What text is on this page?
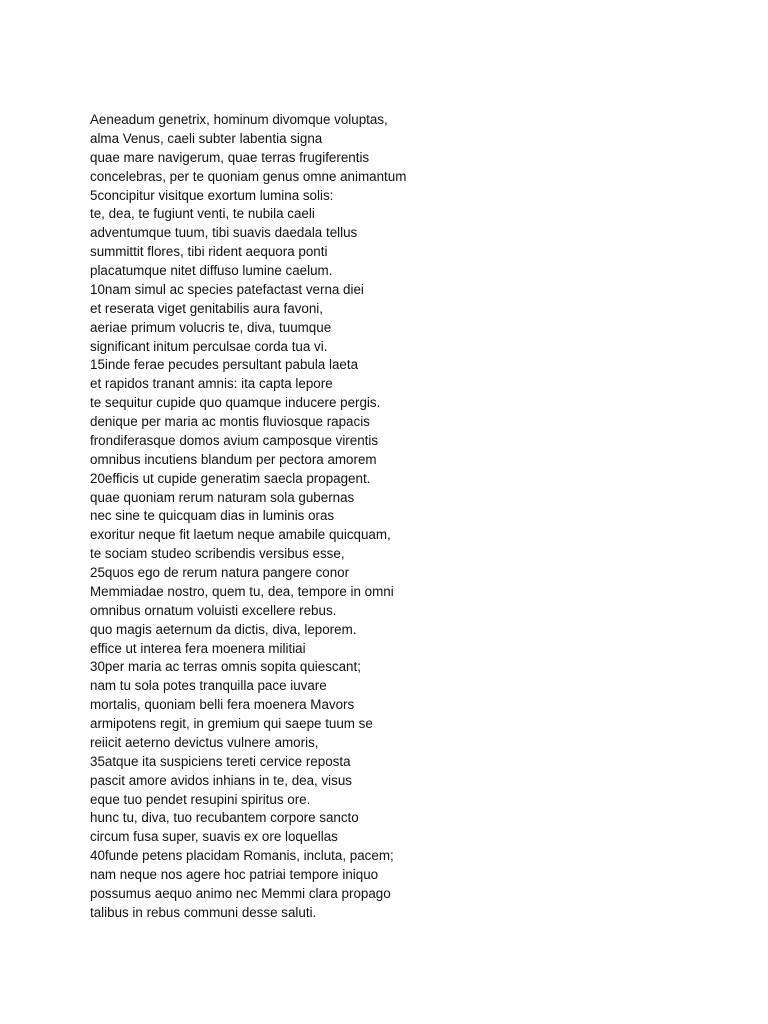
Aeneadum genetrix, hominum divomque voluptas,
alma Venus, caeli subter labentia signa
quae mare navigerum, quae terras frugiferentis
concelebras, per te quoniam genus omne animantum
5concipitur visitque exortum lumina solis:
te, dea, te fugiunt venti, te nubila caeli
adventumque tuum, tibi suavis daedala tellus
summittit flores, tibi rident aequora ponti
placatumque nitet diffuso lumine caelum.
10nam simul ac species patefactast verna diei
et reserata viget genitabilis aura favoni,
aeriae primum volucris te, diva, tuumque
significant initum perculsae corda tua vi.
15inde ferae pecudes persultant pabula laeta
et rapidos tranant amnis: ita capta lepore
te sequitur cupide quo quamque inducere pergis.
denique per maria ac montis fluviosque rapacis
frondiferasque domos avium camposque virentis
omnibus incutiens blandum per pectora amorem
20efficis ut cupide generatim saecla propagent.
quae quoniam rerum naturam sola gubernas
nec sine te quicquam dias in luminis oras
exoritur neque fit laetum neque amabile quicquam,
te sociam studeo scribendis versibus esse,
25quos ego de rerum natura pangere conor
Memmiadae nostro, quem tu, dea, tempore in omni
omnibus ornatum voluisti excellere rebus.
quo magis aeternum da dictis, diva, leporem.
effice ut interea fera moenera militiai
30per maria ac terras omnis sopita quiescant;
nam tu sola potes tranquilla pace iuvare
mortalis, quoniam belli fera moenera Mavors
armipotens regit, in gremium qui saepe tuum se
reiicit aeterno devictus vulnere amoris,
35atque ita suspiciens tereti cervice reposta
pascit amore avidos inhians in te, dea, visus
eque tuo pendet resupini spiritus ore.
hunc tu, diva, tuo recubantem corpore sancto
circum fusa super, suavis ex ore loquellas
40funde petens placidam Romanis, incluta, pacem;
nam neque nos agere hoc patriai tempore iniquo
possumus aequo animo nec Memmi clara propago
talibus in rebus communi desse saluti.
